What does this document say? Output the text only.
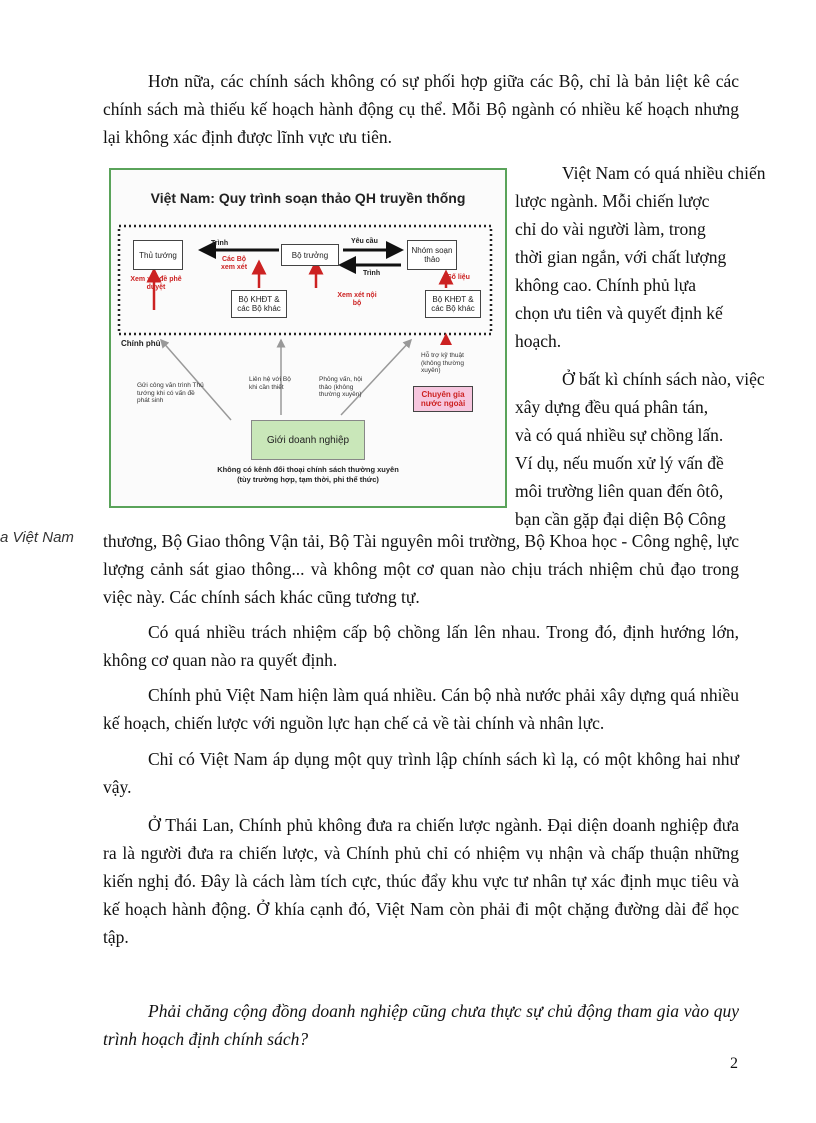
Hơn nữa, các chính sách không có sự phối hợp giữa các Bộ, chỉ là bản liệt kê các chính sách mà thiếu kế hoạch hành động cụ thể. Mỗi Bộ ngành có nhiều kế hoạch nhưng lại không xác định được lĩnh vực ưu tiên.

Việt Nam có quá nhiều chiến
lược ngành. Mỗi chiến lược
chỉ do vài người làm, trong
thời gian ngắn, với chất lượng
không cao. Chính phủ lựa
chọn ưu tiên và quyết định kế
hoạch.
Ở bất kì chính sách nào, việc
xây dựng đều quá phân tán,
và có quá nhiều sự chồng lấn.
Ví dụ, nếu muốn xử lý vấn đề
môi trường liên quan đến ôtô,
bạn cần gặp đại diện Bộ Công
a Việt Nam thương, Bộ Giao thông Vận tải, Bộ Tài nguyên môi trường, Bộ Khoa học - Công nghệ, lực lượng cảnh sát giao thông... và không một cơ quan nào chịu trách nhiệm chủ đạo trong việc này. Các chính sách khác cũng tương tự.

Có quá nhiều trách nhiệm cấp bộ chồng lấn lên nhau. Trong đó, định hướng lớn, không cơ quan nào ra quyết định.

Chính phủ Việt Nam hiện làm quá nhiều. Cán bộ nhà nước phải xây dựng quá nhiều kế hoạch, chiến lược với nguồn lực hạn chế cả về tài chính và nhân lực.

Chỉ có Việt Nam áp dụng một quy trình lập chính sách kì lạ, có một không hai như vậy.

Ở Thái Lan, Chính phủ không đưa ra chiến lược ngành. Đại diện doanh nghiệp đưa ra là người đưa ra chiến lược, và Chính phủ chỉ có nhiệm vụ nhận và chấp thuận những kiến nghị đó. Đây là cách làm tích cực, thúc đẩy khu vực tư nhân tự xác định mục tiêu và kế hoạch hành động. Ở khía cạnh đó, Việt Nam còn phải đi một chặng đường dài để học tập.

Phải chăng cộng đồng doanh nghiệp cũng chưa thực sự chủ động tham gia vào quy trình hoạch định chính sách?

2
Việt Nam: Quy trình soạn thảo QH truyền thống
Thủ tướng	Bộ trưởng	Nhóm soạn thảo
Bộ KHĐT & các Bộ khác
Bộ KHĐT & các Bộ khác
Chuyên gia nước ngoài
Giới doanh nghiệp
Trình	Yêu cầu
Trình
Các Bộ xem xét
Số liệu
Xem xét đề phê duyệt
Xem xét nội bộ
Chính phủ
Gửi công văn trình Thủ tướng khi có vấn đề phát sinh
Liên hệ với Bộ khi cần thiết
Phỏng vấn, hội thảo (không thường xuyên)
Hỗ trợ kỹ thuật (không thường xuyên)
Không có kênh đối thoại chính sách thường xuyên
(tùy trường hợp, tạm thời, phi thể thức)
